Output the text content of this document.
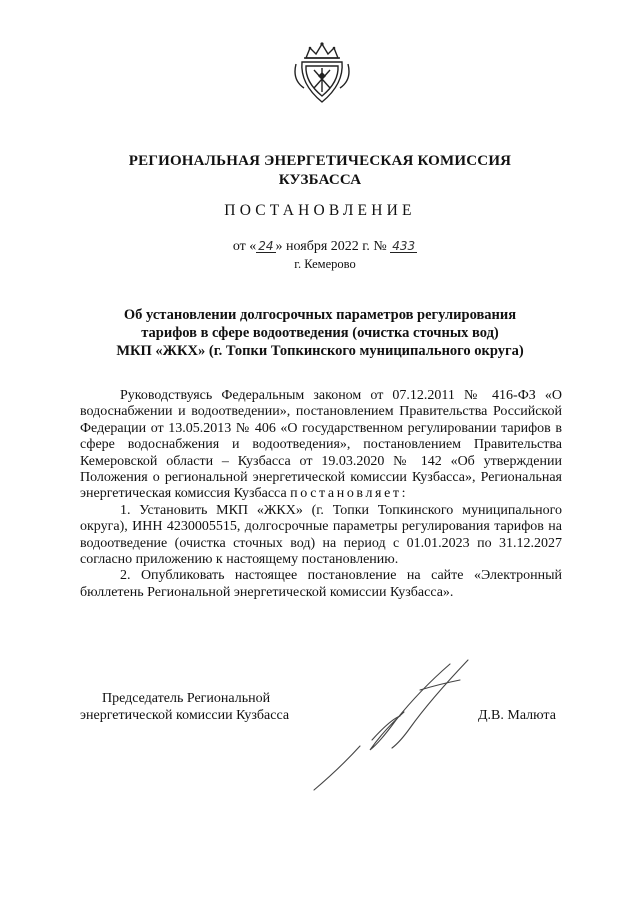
РЕГИОНАЛЬНАЯ ЭНЕРГЕТИЧЕСКАЯ КОМИССИЯ
КУЗБАССА
ПОСТАНОВЛЕНИЕ
от « 24 » ноября 2022 г. № 433
г. Кемерово
Об установлении долгосрочных параметров регулирования
тарифов в сфере водоотведения (очистка сточных вод)
МКП «ЖКХ» (г. Топки Топкинского муниципального округа)

Руководствуясь Федеральным законом от 07.12.2011 № 416-ФЗ «О водоснабжении и водоотведении», постановлением Правительства Российской Федерации от 13.05.2013 № 406 «О государственном регулировании тарифов в сфере водоснабжения и водоотведения», постановлением Правительства Кемеровской области – Кузбасса от 19.03.2020 № 142 «Об утверждении Положения о региональной энергетической комиссии Кузбасса», Региональная энергетическая комиссия Кузбасса постановляет:

1. Установить МКП «ЖКХ» (г. Топки Топкинского муниципального округа), ИНН 4230005515, долгосрочные параметры регулирования тарифов на водоотведение (очистка сточных вод) на период с 01.01.2023 по 31.12.2027 согласно приложению к настоящему постановлению.

2. Опубликовать настоящее постановление на сайте «Электронный бюллетень Региональной энергетической комиссии Кузбасса».

Председатель Региональной
энергетической комиссии Кузбасса	Д.В. Малюта
